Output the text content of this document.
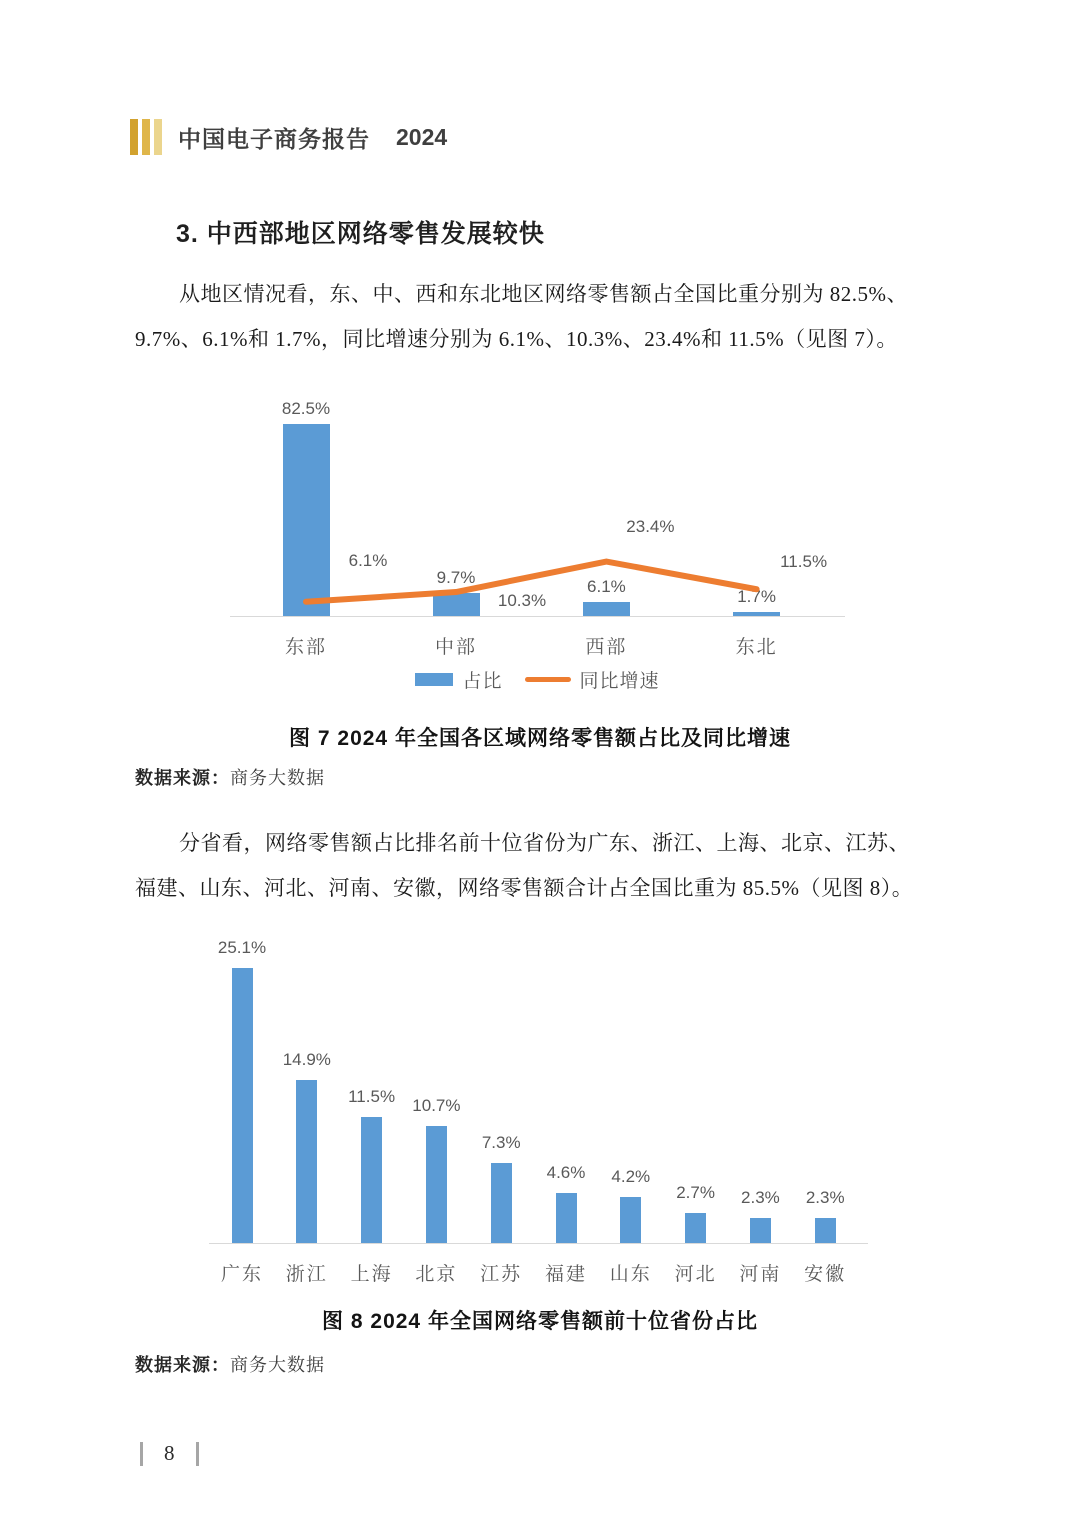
中国电子商务报告 2024
3. 中西部地区网络零售发展较快

从地区情况看，东、中、西和东北地区网络零售额占全国比重分别为 82.5%、

9.7%、6.1%和 1.7%，同比增速分别为 6.1%、10.3%、23.4%和 11.5%（见图 7）。

占比	同比增速
82.5%
9.7%	6.1%
1.7%
6.1%
10.3%
23.4%
11.5%
东部	中部	西部	东北
图 7 2024 年全国各区域网络零售额占比及同比增速
数据来源：商务大数据

分省看，网络零售额占比排名前十位省份为广东、浙江、上海、北京、江苏、

福建、山东、河北、河南、安徽，网络零售额合计占全国比重为 85.5%（见图 8）。

25.1%
广东
14.9%
浙江
11.5%
上海
10.7%
北京
7.3%
江苏
4.6%
福建
4.2%
山东
2.7%
河北
2.3%
河南
2.3%
安徽
图 8 2024 年全国网络零售额前十位省份占比
数据来源：商务大数据
8
